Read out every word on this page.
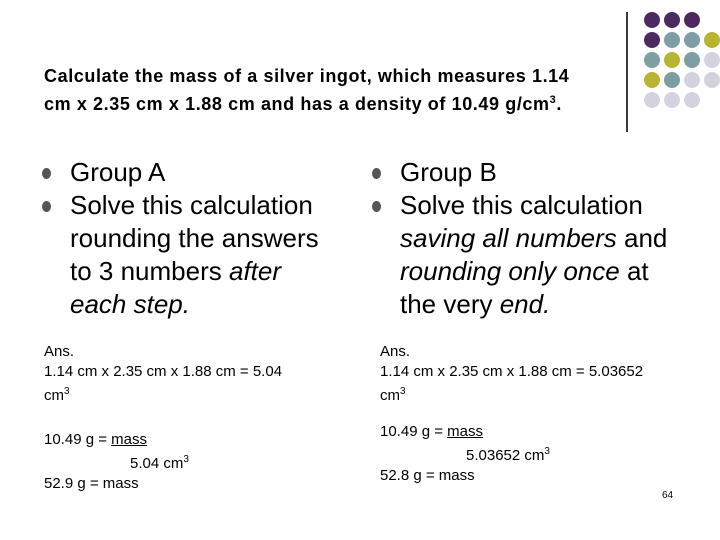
Calculate the mass of a silver ingot, which measures 1.14
cm x 2.35 cm x 1.88 cm and has a density of 10.49 $g/cm^3$.
Group A
Solve this calculation rounding the answers to 3 numbers after each step.
Group B
Solve this calculation saving all numbers and rounding only once at the very end.
Ans.
1.14 cm x 2.35 cm x 1.88 cm = 5.04
$cm^3$
10.49 g = mass
5.04 $cm^3$
52.9 g = mass
Ans.
1.14 cm x 2.35 cm x 1.88 cm = 5.03652
$cm^3$
10.49 g = mass
5.03652 $cm^3$
52.8 g = mass
64
